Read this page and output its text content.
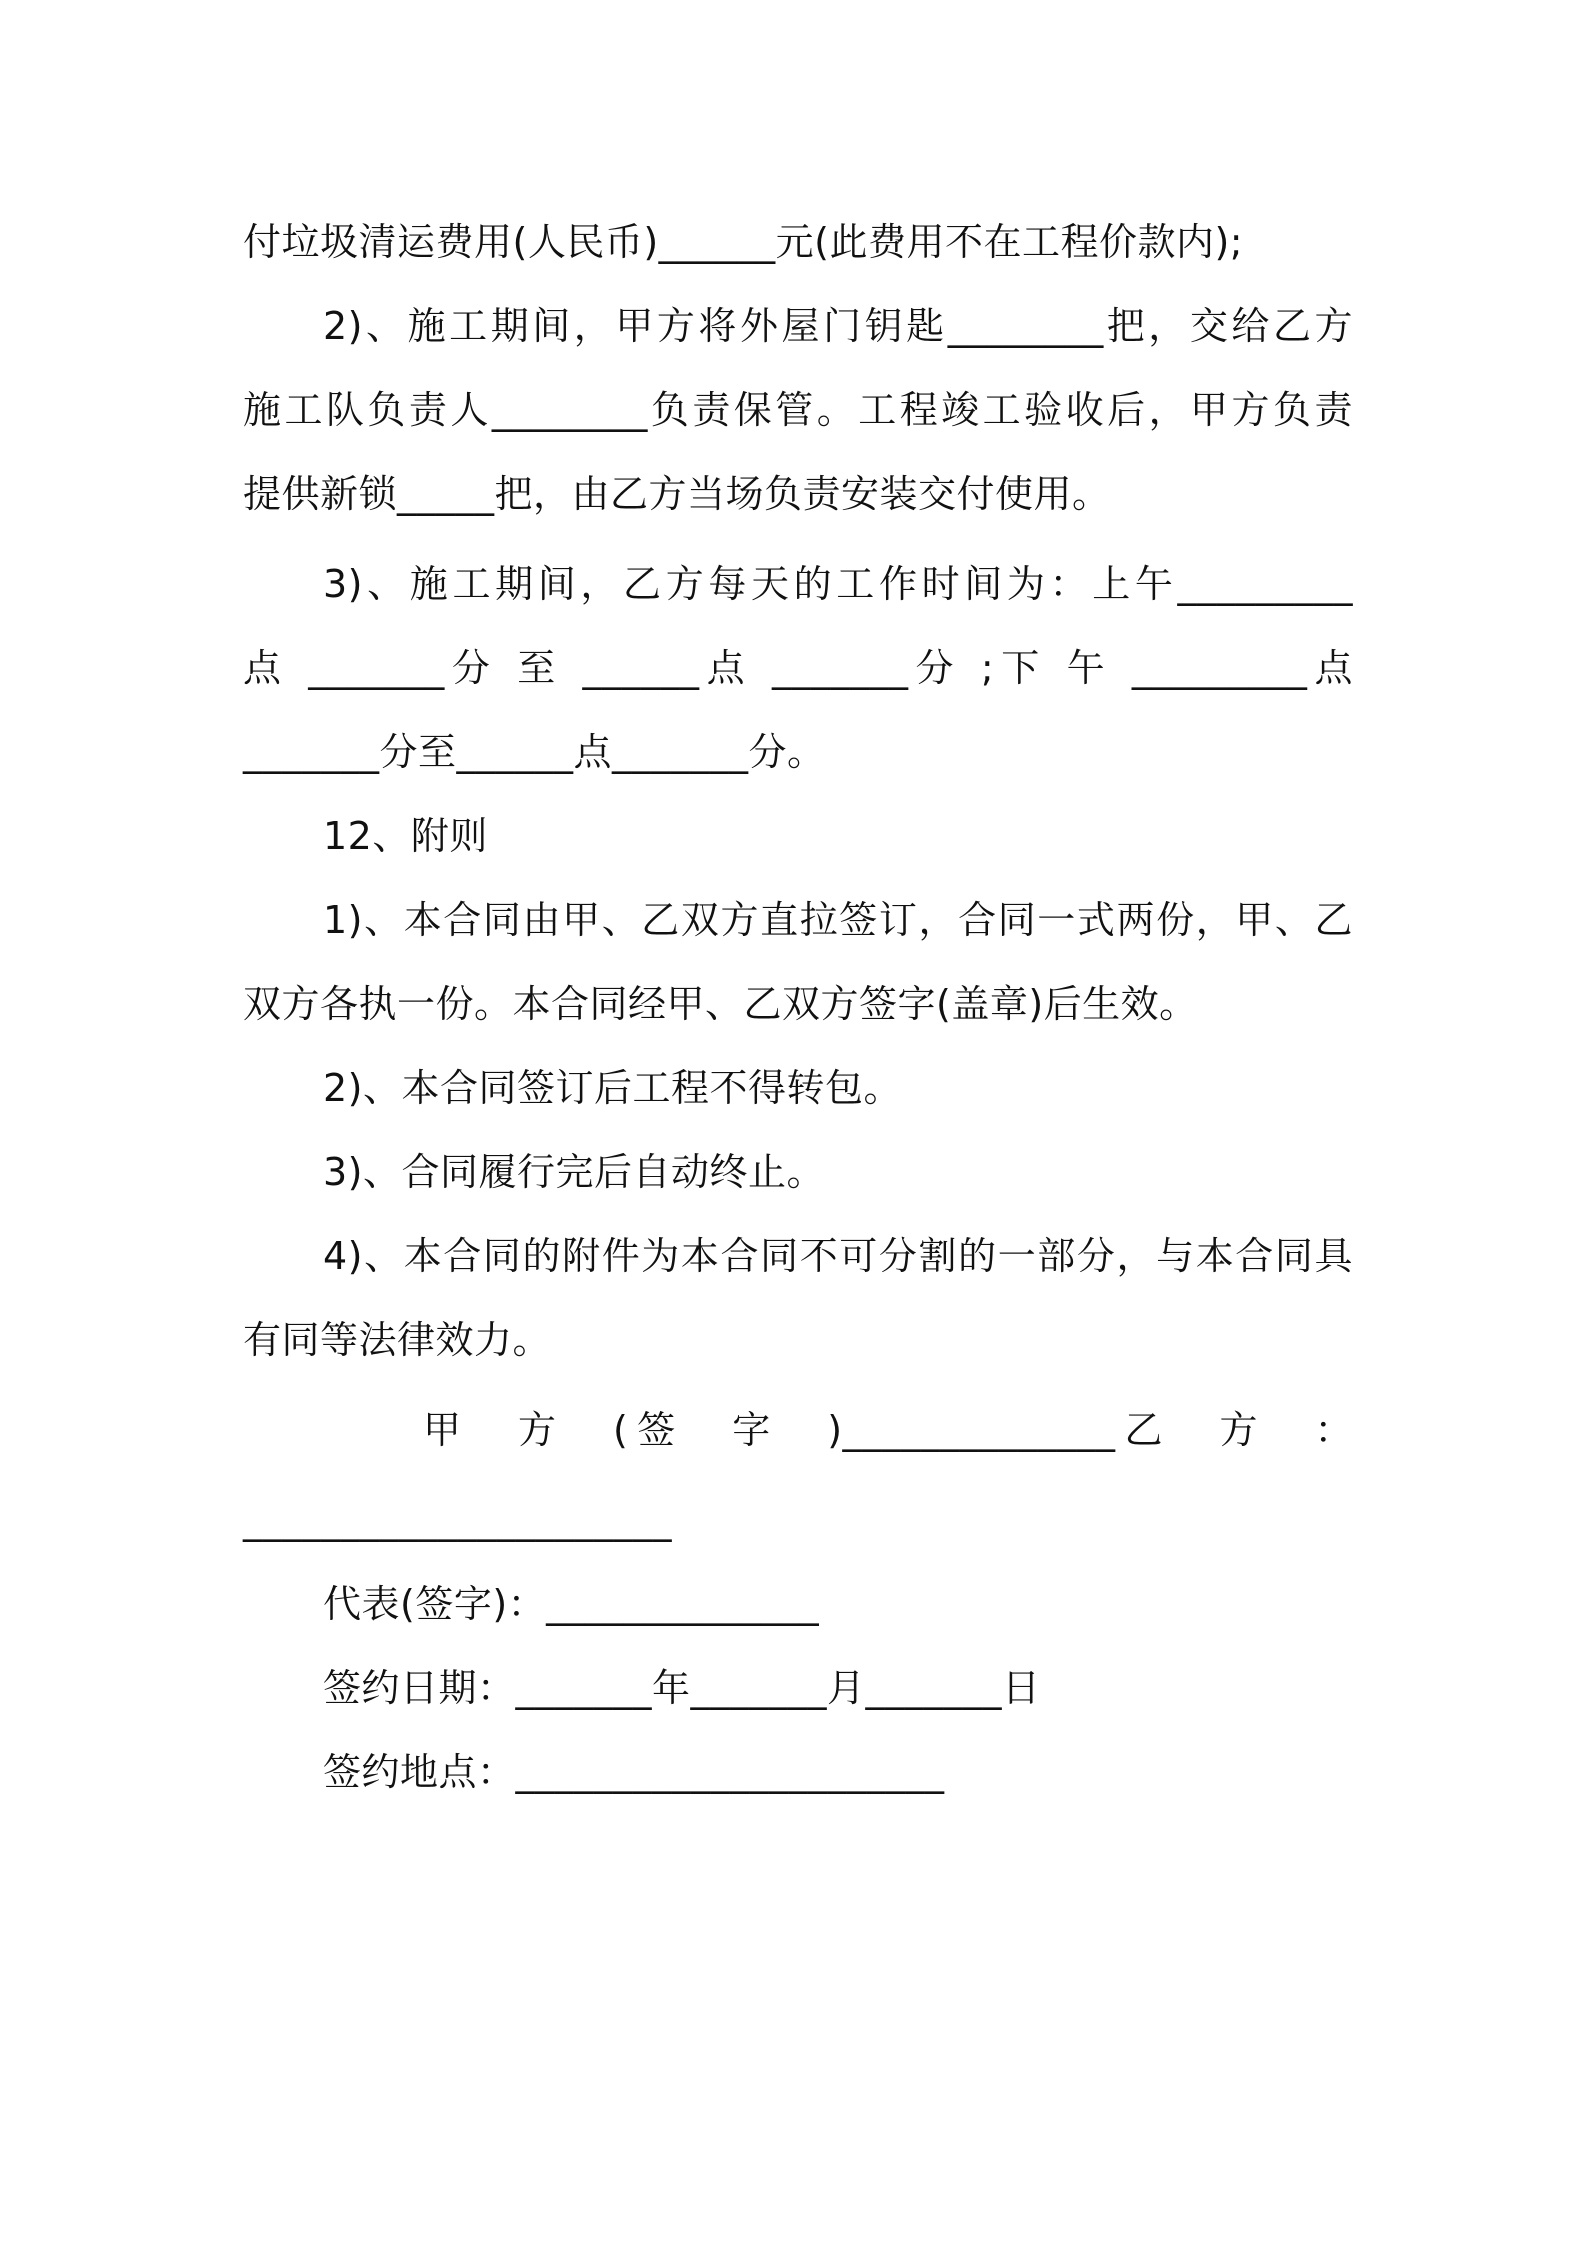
付垃圾清运费用(人民币)______元(此费用不在工程价款内);
2)、施工期间，甲方将外屋门钥匙________把，交给乙方
施工队负责人________负责保管。工程竣工验收后，甲方负责
提供新锁_____把，由乙方当场负责安装交付使用。
3)、施工期间，乙方每天的工作时间为：上午_________
点 _______分 至 ______点 _______分 ;下 午 _________点
_______分至______点_______分。
12、附则
1)、本合同由甲、乙双方直拉签订，合同一式两份，甲、乙
双方各执一份。本合同经甲、乙双方签字(盖章)后生效。
2)、本合同签订后工程不得转包。
3)、合同履行完后自动终止。
4)、本合同的附件为本合同不可分割的一部分，与本合同具
有同等法律效力。
甲　方　(签　字　)______________乙　方　：
______________________
代表(签字)：______________
签约日期：_______年_______月_______日
签约地点：______________________
